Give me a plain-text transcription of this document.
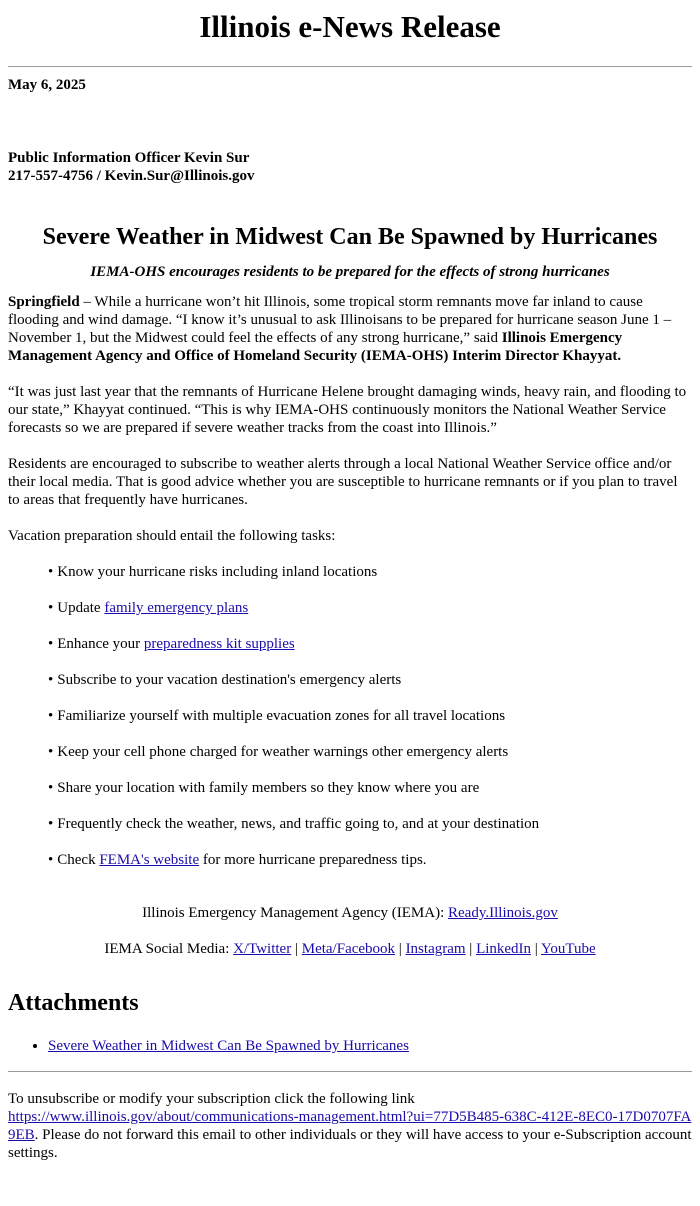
Illinois e-News Release
May 6, 2025
Public Information Officer Kevin Sur
217-557-4756 / Kevin.Sur@Illinois.gov
Severe Weather in Midwest Can Be Spawned by Hurricanes
IEMA-OHS encourages residents to be prepared for the effects of strong hurricanes

Springfield – While a hurricane won’t hit Illinois, some tropical storm remnants move far inland to cause flooding and wind damage. “I know it’s unusual to ask Illinoisans to be prepared for hurricane season June 1 – November 1, but the Midwest could feel the effects of any strong hurricane,” said Illinois Emergency Management Agency and Office of Homeland Security (IEMA-OHS) Interim Director Khayyat.

“It was just last year that the remnants of Hurricane Helene brought damaging winds, heavy rain, and flooding to our state,” Khayyat continued. “This is why IEMA-OHS continuously monitors the National Weather Service forecasts so we are prepared if severe weather tracks from the coast into Illinois.”

Residents are encouraged to subscribe to weather alerts through a local National Weather Service office and/or their local media. That is good advice whether you are susceptible to hurricane remnants or if you plan to travel to areas that frequently have hurricanes.

Vacation preparation should entail the following tasks:

• Know your hurricane risks including inland locations
• Update family emergency plans
• Enhance your preparedness kit supplies
• Subscribe to your vacation destination's emergency alerts
• Familiarize yourself with multiple evacuation zones for all travel locations
• Keep your cell phone charged for weather warnings other emergency alerts
• Share your location with family members so they know where you are
• Frequently check the weather, news, and traffic going to, and at your destination
• Check FEMA's website for more hurricane preparedness tips.
Illinois Emergency Management Agency (IEMA): Ready.Illinois.gov
IEMA Social Media: X/Twitter | Meta/Facebook | Instagram | LinkedIn | YouTube
Attachments
• Severe Weather in Midwest Can Be Spawned by Hurricanes

To unsubscribe or modify your subscription click the following link
https://www.illinois.gov/about/communications-management.html?ui=77D5B485-638C-412E-8EC0-17D0707FA9EB. Please do not forward this email to other individuals or they will have access to your e-Subscription account settings.
